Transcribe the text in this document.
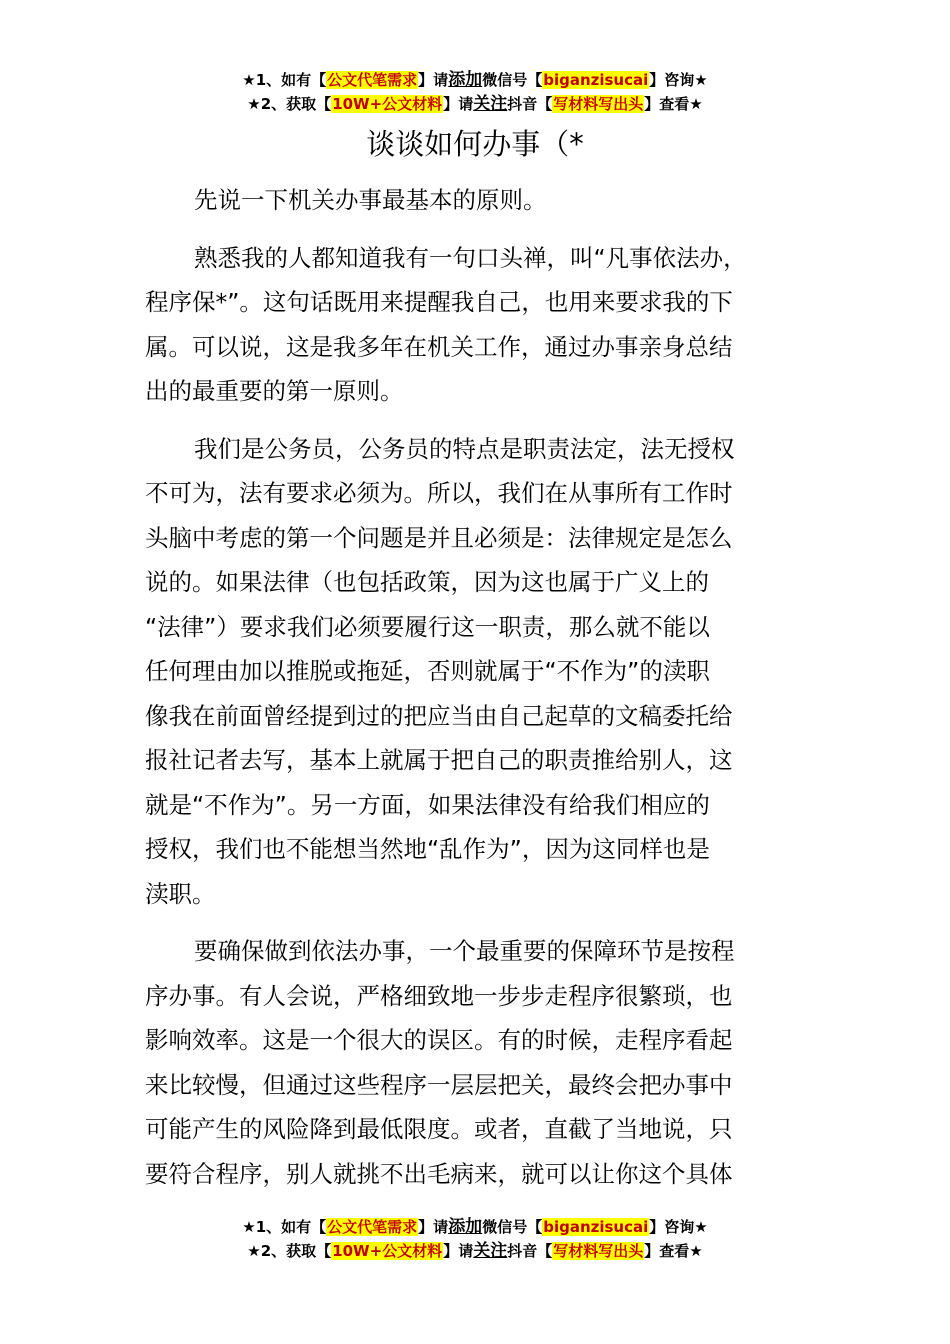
★1、如有【公文代笔需求】请添加微信号【biganzisucai】咨询★
★2、获取【10W+公文材料】请关注抖音【写材料写出头】查看★
谈谈如何办事（*

先说一下机关办事最基本的原则。

熟悉我的人都知道我有一句口头禅，叫“凡事依法办，
程序保*”。这句话既用来提醒我自己，也用来要求我的下
属。可以说，这是我多年在机关工作，通过办事亲身总结
出的最重要的第一原则。

我们是公务员，公务员的特点是职责法定，法无授权
不可为，法有要求必须为。所以，我们在从事所有工作时
头脑中考虑的第一个问题是并且必须是：法律规定是怎么
说的。如果法律（也包括政策，因为这也属于广义上的
“法律”）要求我们必须要履行这一职责，那么就不能以
任何理由加以推脱或拖延，否则就属于“不作为”的渎职
像我在前面曾经提到过的把应当由自己起草的文稿委托给
报社记者去写，基本上就属于把自己的职责推给别人，这
就是“不作为”。另一方面，如果法律没有给我们相应的
授权，我们也不能想当然地“乱作为”，因为这同样也是
渎职。

要确保做到依法办事，一个最重要的保障环节是按程
序办事。有人会说，严格细致地一步步走程序很繁琐，也
影响效率。这是一个很大的误区。有的时候，走程序看起
来比较慢，但通过这些程序一层层把关，最终会把办事中
可能产生的风险降到最低限度。或者，直截了当地说，只
要符合程序，别人就挑不出毛病来，就可以让你这个具体

★1、如有【公文代笔需求】请添加微信号【biganzisucai】咨询★
★2、获取【10W+公文材料】请关注抖音【写材料写出头】查看★
